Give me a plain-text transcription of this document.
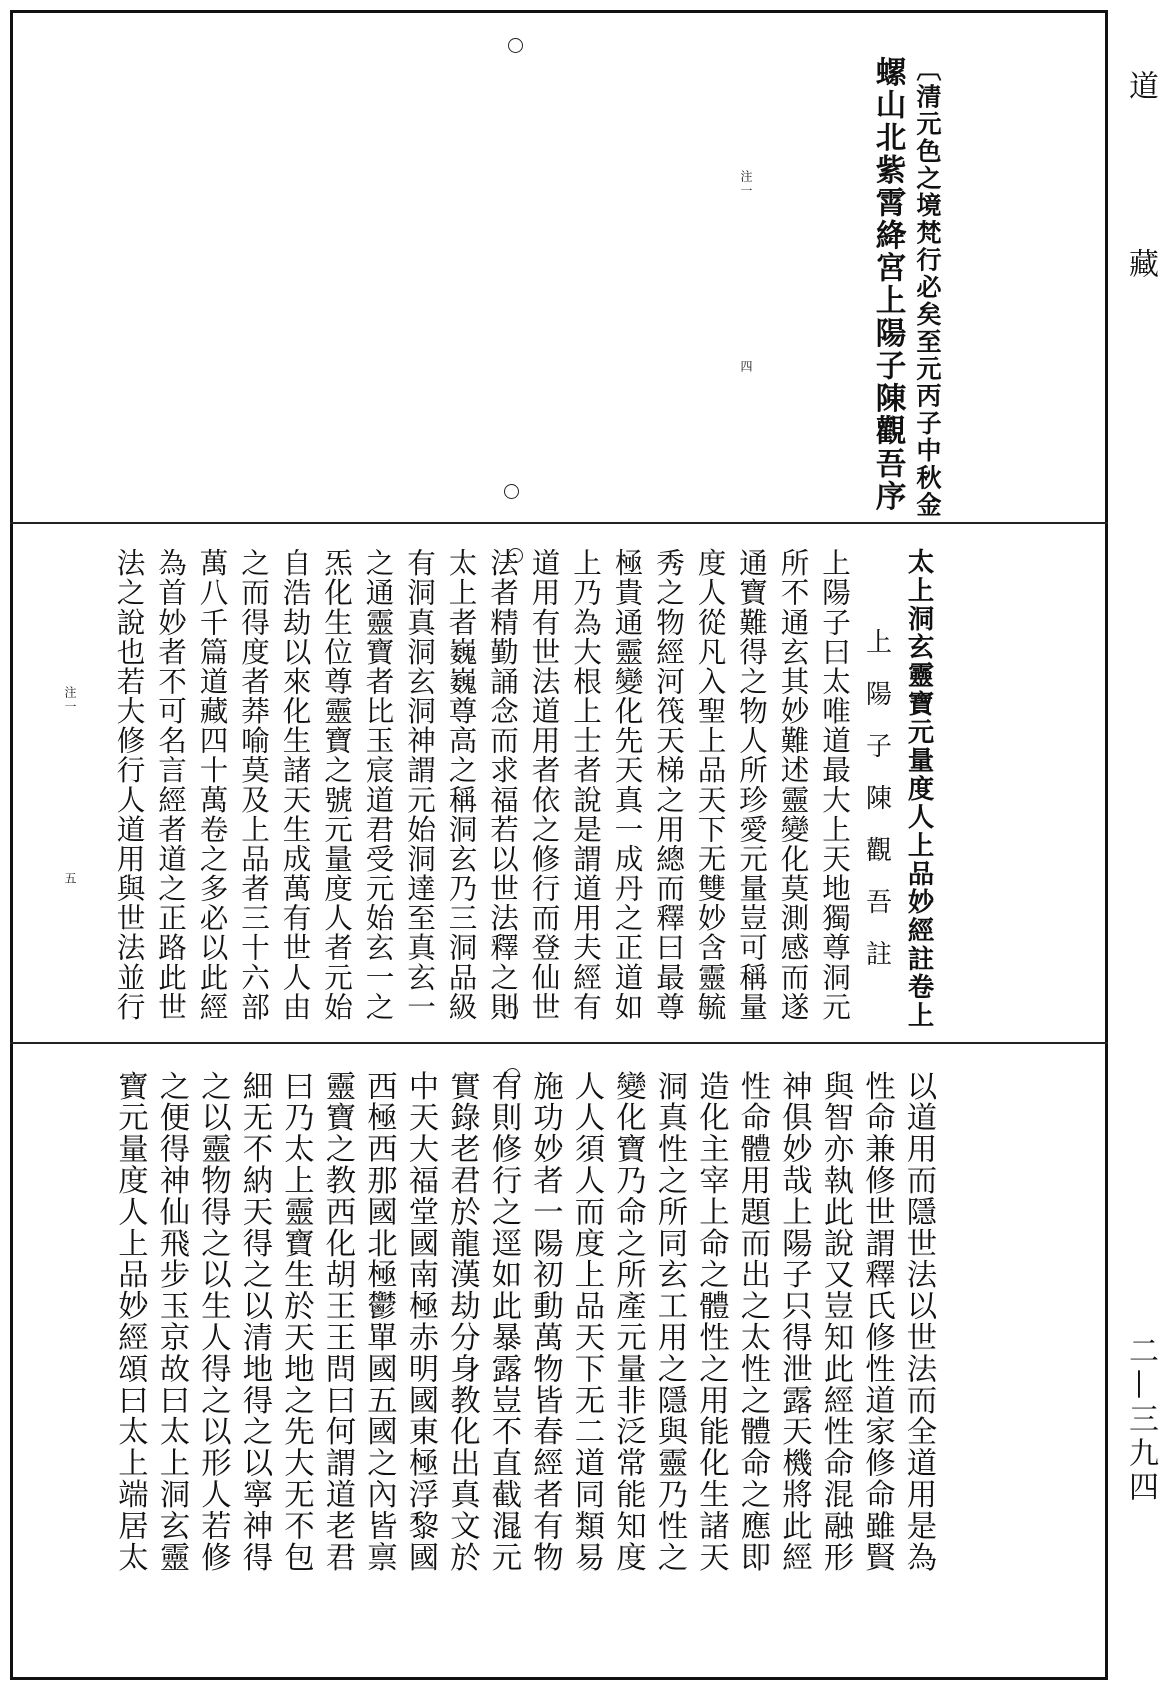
道
藏
二—三九四
〔清元色之境梵行必矣至元丙子中秋金
螺山北紫霄絳宮上陽子陳觀吾序
注一
四
太上洞玄靈寶元量度人上品妙經註卷上
上陽子陳觀吾註
上陽子曰太唯道最大上天地獨尊洞元
所不通玄其妙難述靈變化莫測感而遂
通寶難得之物人所珍愛元量豈可稱量
度人從凡入聖上品天下无雙妙含靈毓
秀之物經河筏天梯之用總而釋曰最尊
極貴通靈變化先天真一成丹之正道如
上乃為大根上士者說是謂道用夫經有
道用有世法道用者依之修行而登仙世
法者精勤誦念而求福若以世法釋之則
太上者巍巍尊高之稱洞玄乃三洞品級
有洞真洞玄洞神謂元始洞達至真玄一
之通靈寶者比玉宸道君受元始玄一之
炁化生位尊靈寶之號元量度人者元始
自浩劫以來化生諸天生成萬有世人由
之而得度者莽喻莫及上品者三十六部
萬八千篇道藏四十萬卷之多必以此經
為首妙者不可名言經者道之正路此世
法之說也若大修行人道用與世法並行
注一
五
以道用而隱世法以世法而全道用是為
性命兼修世謂釋氏修性道家修命雖賢
與智亦執此說又豈知此經性命混融形
神俱妙哉上陽子只得泄露天機將此經
性命體用題而出之太性之體命之應即
造化主宰上命之體性之用能化生諸天
洞真性之所同玄工用之隱與靈乃性之
變化寶乃命之所產元量非泛常能知度
人人須人而度上品天下无二道同類易
施功妙者一陽初動萬物皆春經者有物
有則修行之逕如此暴露豈不直截混元
實錄老君於龍漢劫分身教化出真文於
中天大福堂國南極赤明國東極浮黎國
西極西那國北極鬱單國五國之內皆禀
靈寶之教西化胡王王問曰何謂道老君
曰乃太上靈寶生於天地之先大无不包
細无不納天得之以清地得之以寧神得
之以靈物得之以生人得之以形人若修
之便得神仙飛步玉京故曰太上洞玄靈
寶元量度人上品妙經頌曰太上端居太
